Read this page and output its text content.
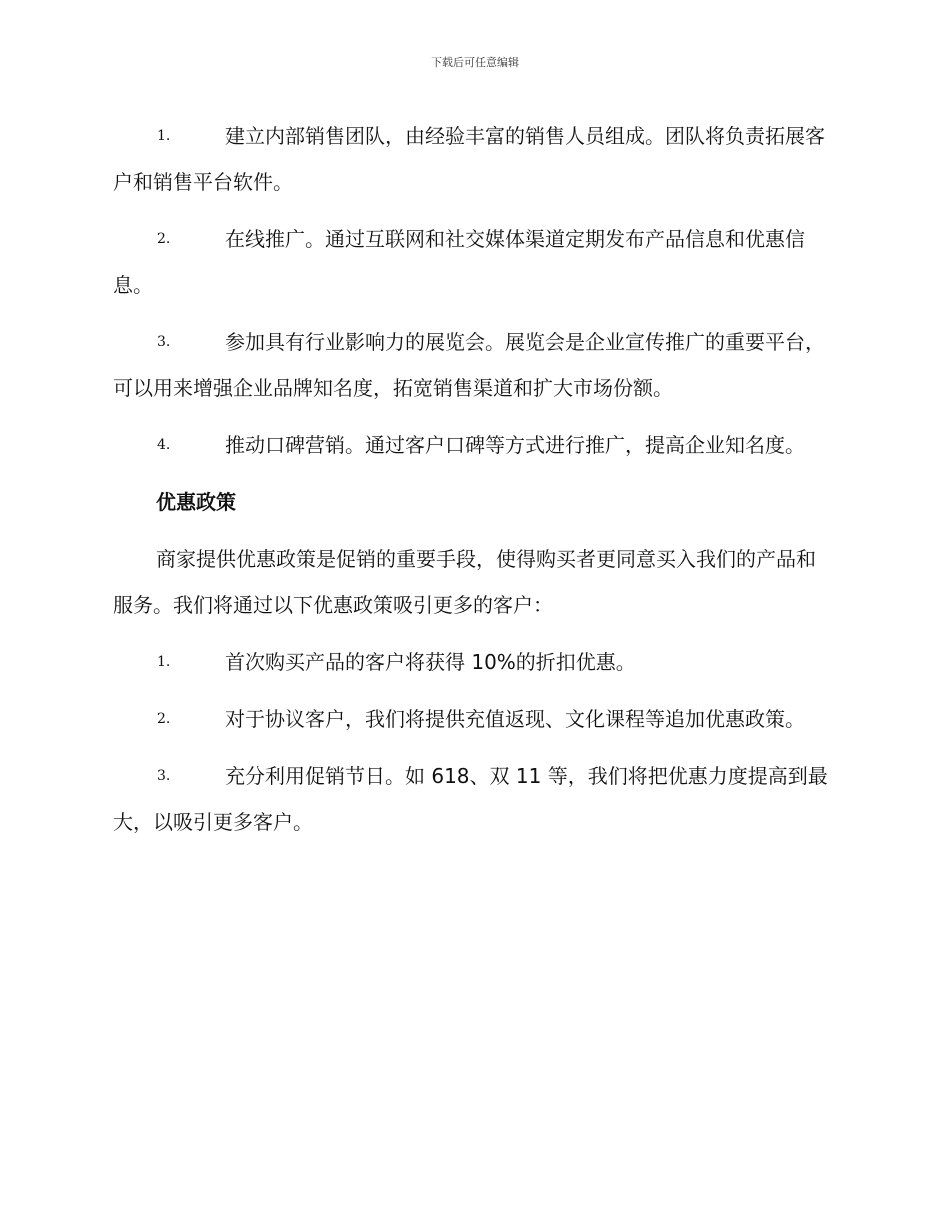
下载后可任意编辑
1.	建立内部销售团队，由经验丰富的销售人员组成。团队将负责拓展客户和销售平台软件。
2.	在线推广。通过互联网和社交媒体渠道定期发布产品信息和优惠信息。
3.	参加具有行业影响力的展览会。展览会是企业宣传推广的重要平台，可以用来增强企业品牌知名度，拓宽销售渠道和扩大市场份额。
4.	推动口碑营销。通过客户口碑等方式进行推广，提高企业知名度。
优惠政策
商家提供优惠政策是促销的重要手段，使得购买者更同意买入我们的产品和服务。我们将通过以下优惠政策吸引更多的客户：
1.	首次购买产品的客户将获得 10%的折扣优惠。
2.	对于协议客户，我们将提供充值返现、文化课程等追加优惠政策。
3.	充分利用促销节日。如 618、双 11 等，我们将把优惠力度提高到最大，以吸引更多客户。
